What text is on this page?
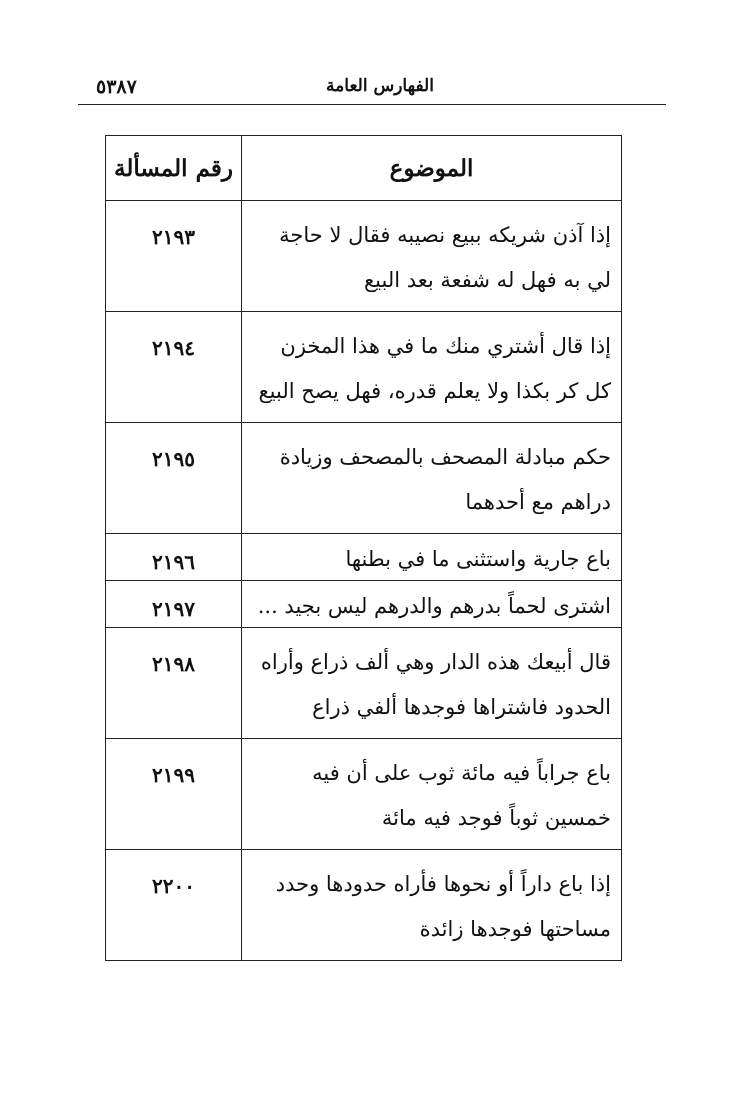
٥٣٨٧	الفهارس العامة
الموضوع	رقم المسألة
إذا آذن شريكه ببيع نصيبه فقال لا حاجة لي به فهل له شفعة بعد البيع	٢١٩٣
إذا قال أشتري منك ما في هذا المخزن كل كر بكذا ولا يعلم قدره، فهل يصح البيع	٢١٩٤
حكم مبادلة المصحف بالمصحف وزيادة دراهم مع أحدهما	٢١٩٥
باع جارية واستثنى ما في بطنها	٢١٩٦
اشترى لحماً بدرهم والدرهم ليس بجيد ...	٢١٩٧
قال أبيعك هذه الدار وهي ألف ذراع وأراه الحدود فاشتراها فوجدها ألفي ذراع	٢١٩٨
باع جراباً فيه مائة ثوب على أن فيه خمسين ثوباً فوجد فيه مائة	٢١٩٩
إذا باع داراً أو نحوها فأراه حدودها وحدد مساحتها فوجدها زائدة	٢٢٠٠
